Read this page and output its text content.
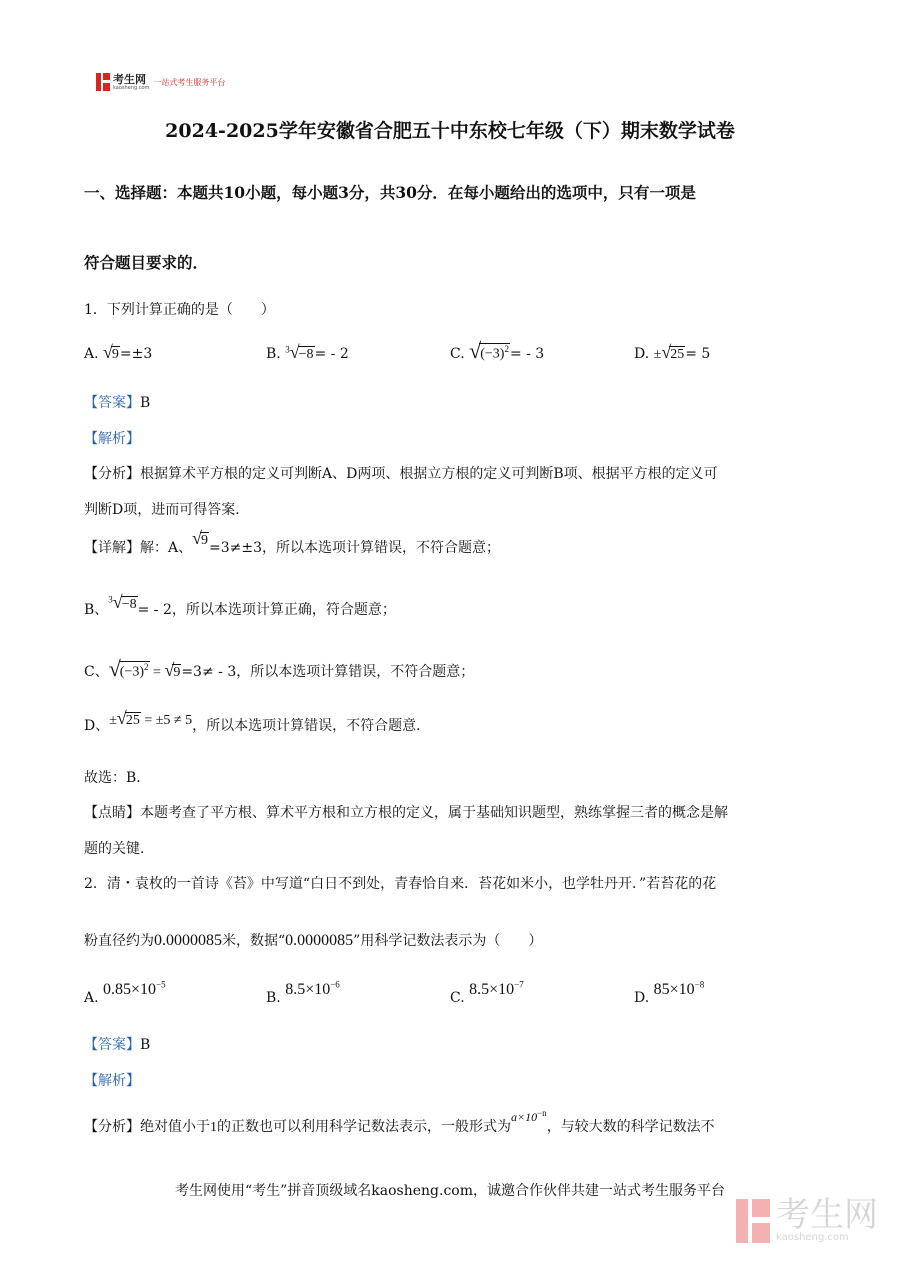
考生网
kaosheng.com
一站式考生服务平台
2024-2025学年安徽省合肥五十中东校七年级（下）期末数学试卷
一、选择题：本题共10小题，每小题3分，共30分．在每小题给出的选项中，只有一项是
符合题目要求的．
1．下列计算正确的是（　　）
A. √9=±3	B. $^3$√−8= - 2	C. $√(-3)^2= - 3$	D. ±√25= 5
【答案】B
【解析】
【分析】根据算术平方根的定义可判断A、D两项、根据立方根的定义可判断B项、根据平方根的定义可
判断D项，进而可得答案．
【详解】解：A、√9=3≠±3，所以本选项计算错误，不符合题意；
B、$^3$√−8= - 2，所以本选项计算正确，符合题意；
C、$√(-3)^2 = √9=3\ne - 3$，所以本选项计算错误，不符合题意；
D、±√25 = ±5 ≠ 5，所以本选项计算错误，不符合题意．
故选：B．
【点睛】本题考查了平方根、算术平方根和立方根的定义，属于基础知识题型，熟练掌握三者的概念是解
题的关键．
2．清・袁枚的一首诗《苔》中写道“白日不到处，青春恰自来．苔花如米小，也学牡丹开．”若苔花的花
粉直径约为0.0000085米，数据“0.0000085”用科学记数法表示为（　　）
A. $0.85\times 10^{-5}$
B. $8.5\times 10^{-6}$
C. $8.5\times 10^{-7}$
D. $85\times 10^{-8}$
【答案】B
【解析】
【分析】绝对值小于1的正数也可以利用科学记数法表示，一般形式为$a\times 10^{-n}$，与较大数的科学记数法不
考生网使用“考生”拼音顶级域名kaosheng.com，诚邀合作伙伴共建一站式考生服务平台
考生网
kaosheng.com
